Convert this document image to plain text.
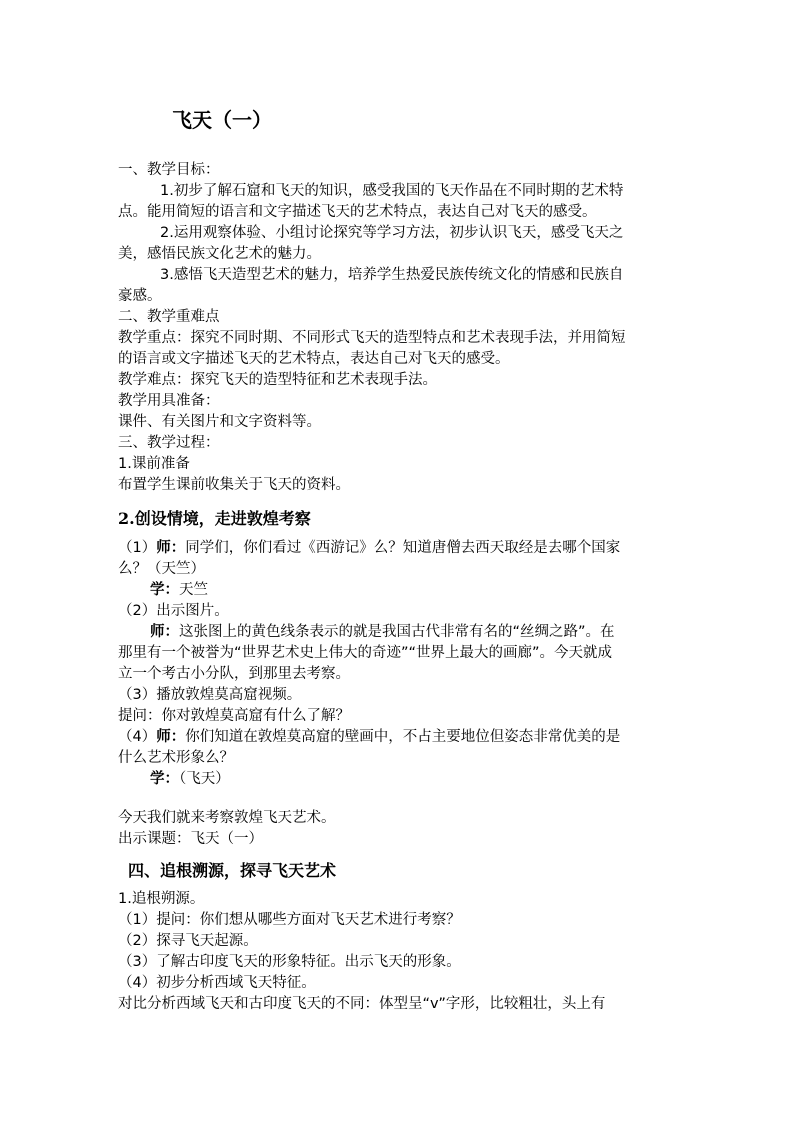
飞天（一）
一、教学目标：
1.初步了解石窟和飞天的知识，感受我国的飞天作品在不同时期的艺术特
点。能用简短的语言和文字描述飞天的艺术特点，表达自己对飞天的感受。
2.运用观察体验、小组讨论探究等学习方法，初步认识飞天，感受飞天之
美，感悟民族文化艺术的魅力。
3.感悟飞天造型艺术的魅力，培养学生热爱民族传统文化的情感和民族自
豪感。
二、教学重难点
教学重点：探究不同时期、不同形式飞天的造型特点和艺术表现手法，并用简短
的语言或文字描述飞天的艺术特点，表达自己对飞天的感受。
教学难点：探究飞天的造型特征和艺术表现手法。
教学用具准备：
课件、有关图片和文字资料等。
三、教学过程：
1.课前准备
布置学生课前收集关于飞天的资料。
2.创设情境，走进敦煌考察
（1）师：同学们，你们看过《西游记》么？知道唐僧去西天取经是去哪个国家
么？（天竺）
学：天竺
（2）出示图片。
师：这张图上的黄色线条表示的就是我国古代非常有名的“丝绸之路”。在
那里有一个被誉为“世界艺术史上伟大的奇迹”“世界上最大的画廊”。今天就成
立一个考古小分队，到那里去考察。
（3）播放敦煌莫高窟视频。
提问：你对敦煌莫高窟有什么了解？
（4）师：你们知道在敦煌莫高窟的壁画中，不占主要地位但姿态非常优美的是
什么艺术形象么？
学：（飞天）
今天我们就来考察敦煌飞天艺术。
出示课题：飞天（一）
四、追根溯源，探寻飞天艺术
1.追根朔源。
（1）提问：你们想从哪些方面对飞天艺术进行考察？
（2）探寻飞天起源。
（3）了解古印度飞天的形象特征。出示飞天的形象。
（4）初步分析西域飞天特征。
对比分析西域飞天和古印度飞天的不同：体型呈“v”字形，比较粗壮，头上有
